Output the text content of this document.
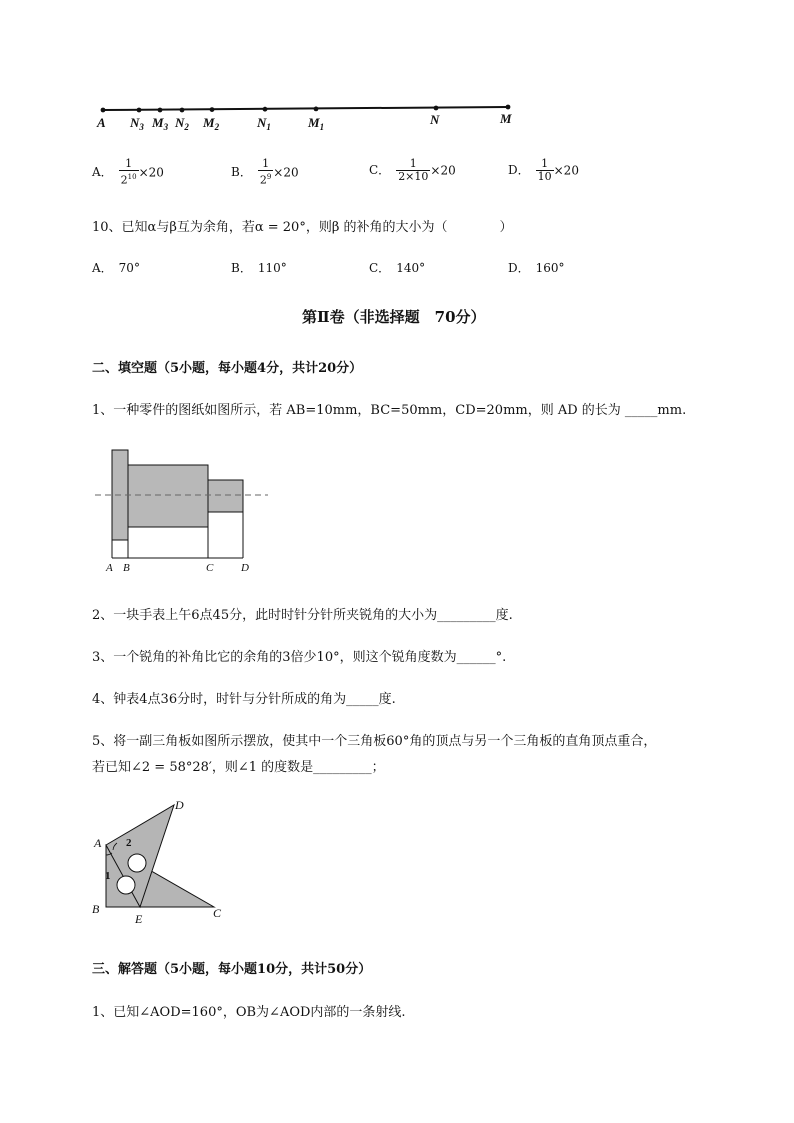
A $N_3$ $M_3$ $N_2$ $M_2$	$N_1$	$M_1$	N	M
A． $\frac{1}{2^{10}} \times 20$	B． $\frac{1}{2^9} \times 20$	C． $\frac{1}{2\times 10} \times 20$	D． $\frac{1}{10} \times 20$
10、已知α与β互为余角，若α = 20°，则β 的补角的大小为（　　　　）
A． 70°	B． 110°	C． 140°	D． 160°
第Ⅱ卷（非选择题　70分）
二、填空题（5小题，每小题4分，共计20分）
1、一种零件的图纸如图所示，若 AB=10mm，BC=50mm，CD=20mm，则 AD 的长为 _____mm.
A B	C	D
2、一块手表上午6点45分，此时时针分针所夹锐角的大小为_________度.
3、一个锐角的补角比它的余角的3倍少10°，则这个锐角度数为______°.
4、钟表4点36分时，时针与分针所成的角为_____度.
5、将一副三角板如图所示摆放，使其中一个三角板60°角的顶点与另一个三角板的直角顶点重合，
若已知∠2 = 58°28′，则∠1 的度数是_________；
A
B	C
D
E
1
2
三、解答题（5小题，每小题10分，共计50分）
1、已知∠AOD=160°，OB为∠AOD内部的一条射线.
